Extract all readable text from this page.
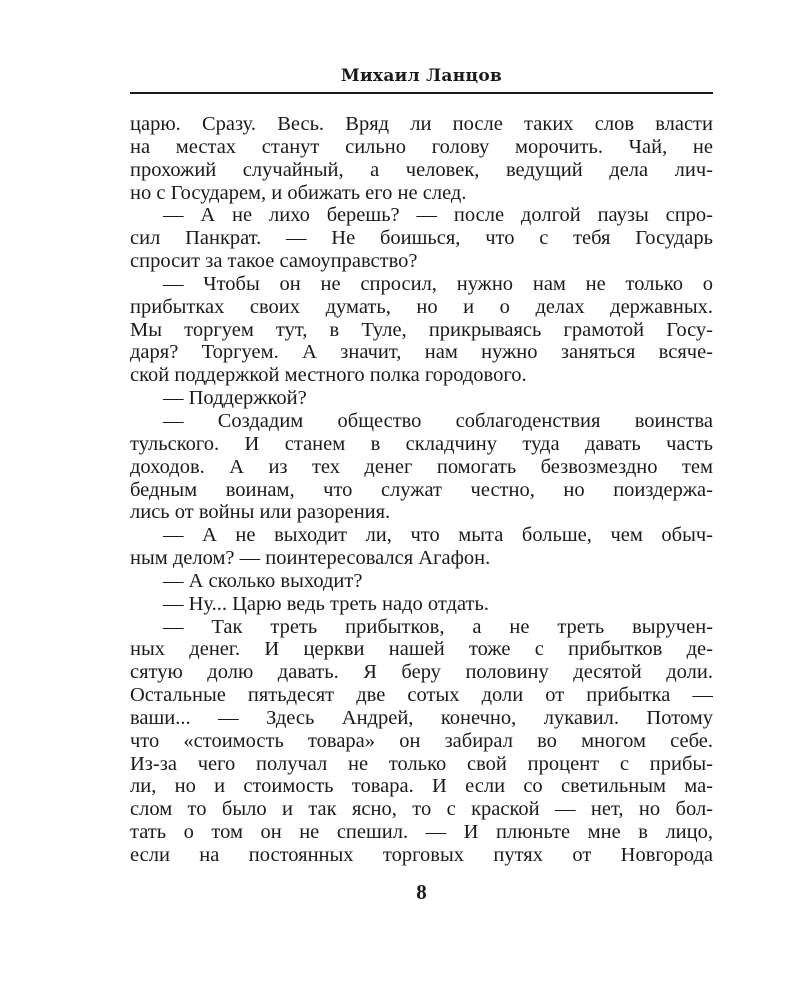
Михаил Ланцов
царю. Сразу. Весь. Вряд ли после таких слов власти
на местах станут сильно голову морочить. Чай, не
прохожий случайный, а человек, ведущий дела лич-
но с Государем, и обижать его не след.
— А не лихо берешь? — после долгой паузы спро-
сил Панкрат. — Не боишься, что с тебя Государь
спросит за такое самоуправство?
— Чтобы он не спросил, нужно нам не только о
прибытках своих думать, но и о делах державных.
Мы торгуем тут, в Туле, прикрываясь грамотой Госу-
даря? Торгуем. А значит, нам нужно заняться всяче-
ской поддержкой местного полка городового.
— Поддержкой?
— Создадим общество соблагоденствия воинства
тульского. И станем в складчину туда давать часть
доходов. А из тех денег помогать безвозмездно тем
бедным воинам, что служат честно, но поиздержа-
лись от войны или разорения.
— А не выходит ли, что мыта больше, чем обыч-
ным делом? — поинтересовался Агафон.
— А сколько выходит?
— Ну... Царю ведь треть надо отдать.
— Так треть прибытков, а не треть выручен-
ных денег. И церкви нашей тоже с прибытков де-
сятую долю давать. Я беру половину десятой доли.
Остальные пятьдесят две сотых доли от прибытка —
ваши... — Здесь Андрей, конечно, лукавил. Потому
что «стоимость товара» он забирал во многом себе.
Из-за чего получал не только свой процент с прибы-
ли, но и стоимость товара. И если со светильным ма-
слом то было и так ясно, то с краской — нет, но бол-
тать о том он не спешил. — И плюньте мне в лицо,
если на постоянных торговых путях от Новгорода
8
